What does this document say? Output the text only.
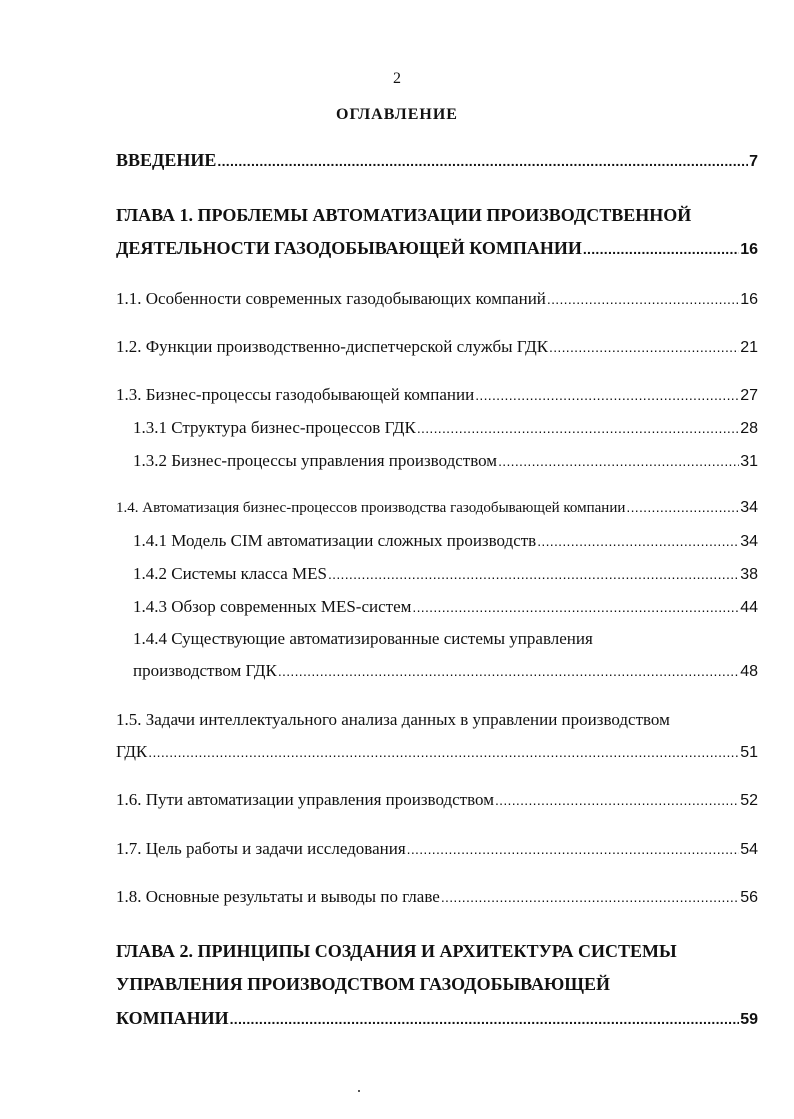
2
ОГЛАВЛЕНИЕ
ВВЕДЕНИЕ .....	7
ГЛАВА 1. ПРОБЛЕМЫ АВТОМАТИЗАЦИИ ПРОИЗВОДСТВЕННОЙ
ДЕЯТЕЛЬНОСТИ ГАЗОДОБЫВАЮЩЕЙ КОМПАНИИ .....	16
1.1. Особенности современных газодобывающих компаний .....	16
1.2. Функции производственно-диспетчерской службы ГДК .....	21
1.3. Бизнес-процессы газодобывающей компании .....	27
1.3.1 Структура бизнес-процессов ГДК .....	28
1.3.2 Бизнес-процессы управления производством .....	31
1.4. Автоматизация бизнес-процессов производства газодобывающей компании .....	34
1.4.1 Модель CIM автоматизации сложных производств .....	34
1.4.2 Системы класса MES .....	38
1.4.3 Обзор современных MES-систем .....	44
1.4.4 Существующие автоматизированные системы управления
производством ГДК .....	48
1.5. Задачи интеллектуального анализа данных в управлении производством
ГДК .....	51
1.6. Пути автоматизации управления производством .....	52
1.7. Цель работы и задачи исследования .....	54
1.8. Основные результаты и выводы по главе .....	56
ГЛАВА 2. ПРИНЦИПЫ СОЗДАНИЯ И АРХИТЕКТУРА СИСТЕМЫ
УПРАВЛЕНИЯ ПРОИЗВОДСТВОМ ГАЗОДОБЫВАЮЩЕЙ
КОМПАНИИ .....	59
